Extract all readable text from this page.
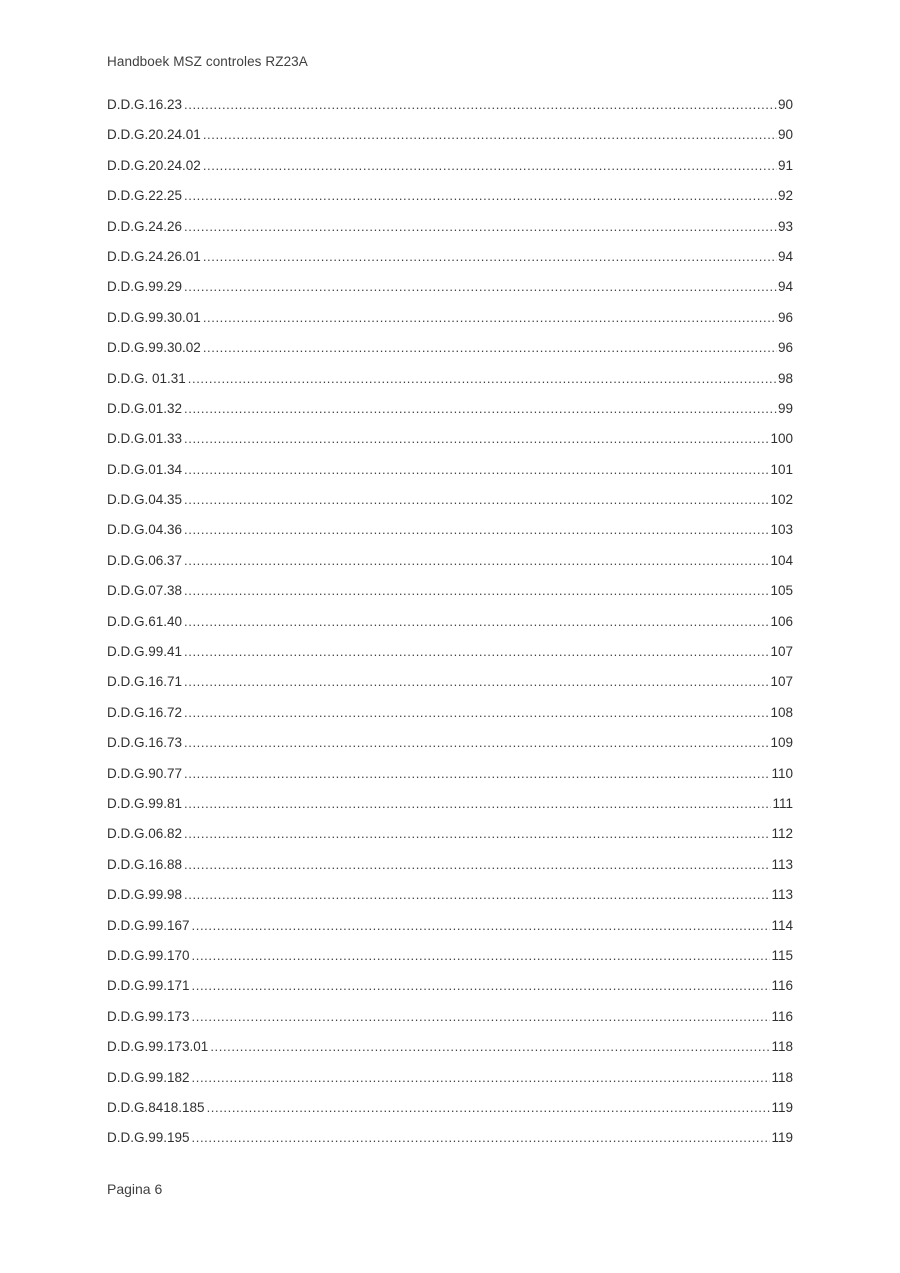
Handboek MSZ controles RZ23A
D.D.G.16.23 .....	90
D.D.G.20.24.01 .....	90
D.D.G.20.24.02 .....	91
D.D.G.22.25 .....	92
D.D.G.24.26 .....	93
D.D.G.24.26.01 .....	94
D.D.G.99.29 .....	94
D.D.G.99.30.01 .....	96
D.D.G.99.30.02 .....	96
D.D.G. 01.31 .....	98
D.D.G.01.32 .....	99
D.D.G.01.33 .....	100
D.D.G.01.34 .....	101
D.D.G.04.35 .....	102
D.D.G.04.36 .....	103
D.D.G.06.37 .....	104
D.D.G.07.38 .....	105
D.D.G.61.40 .....	106
D.D.G.99.41 .....	107
D.D.G.16.71 .....	107
D.D.G.16.72 .....	108
D.D.G.16.73 .....	109
D.D.G.90.77 .....	110
D.D.G.99.81 .....	111
D.D.G.06.82 .....	112
D.D.G.16.88 .....	113
D.D.G.99.98 .....	113
D.D.G.99.167 .....	114
D.D.G.99.170 .....	115
D.D.G.99.171 .....	116
D.D.G.99.173 .....	116
D.D.G.99.173.01 .....	118
D.D.G.99.182 .....	118
D.D.G.8418.185 .....	119
D.D.G.99.195 .....	119
Pagina 6
